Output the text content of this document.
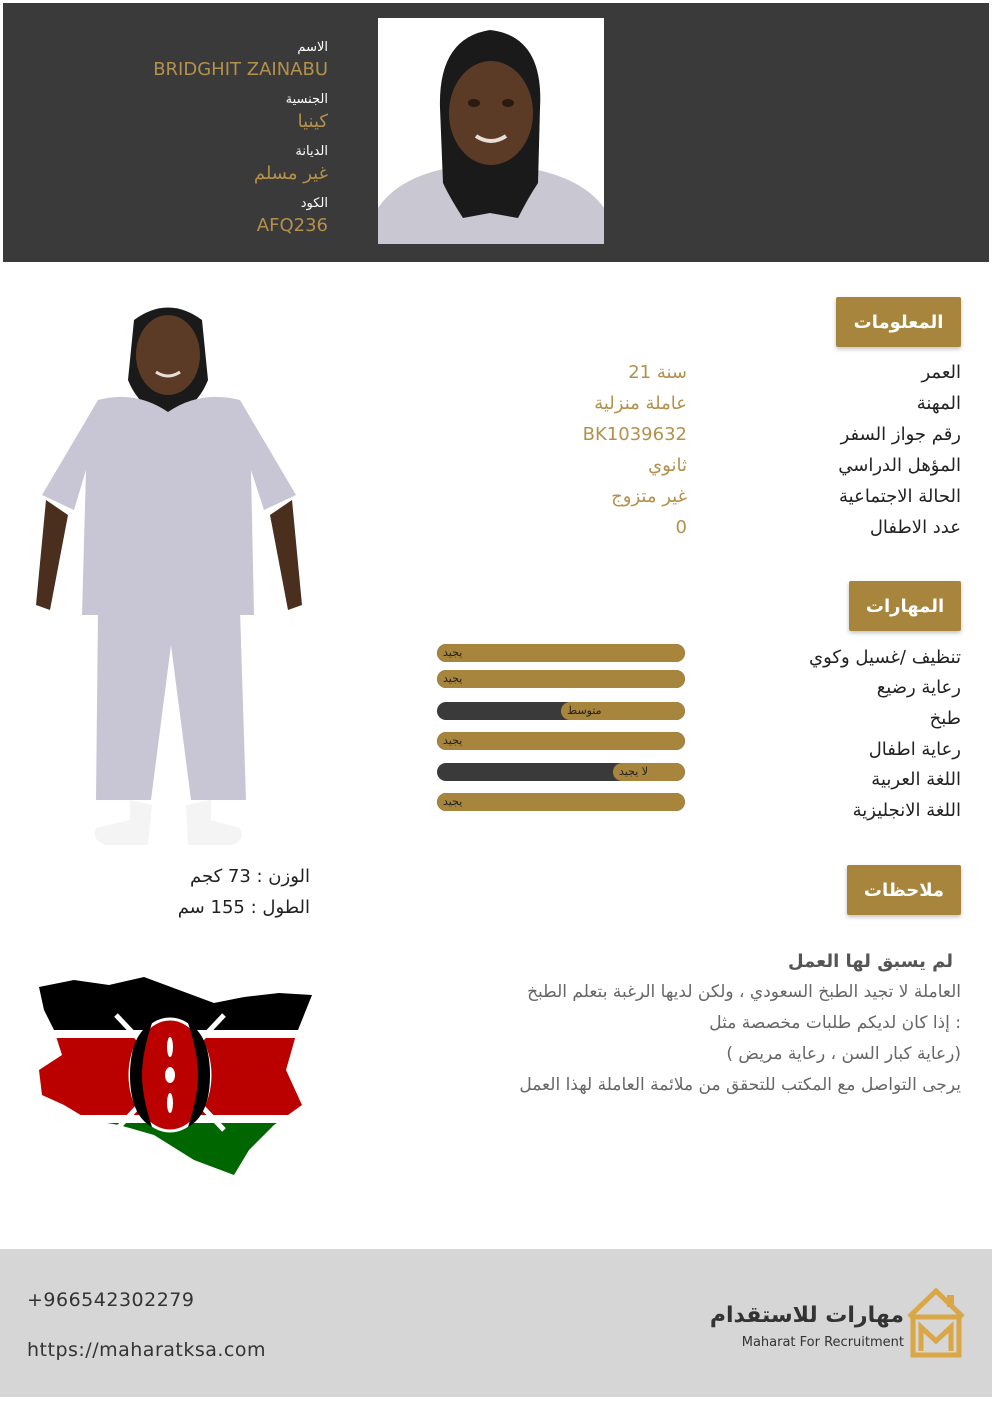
الاسم
BRIDGHIT ZAINABU
الجنسية
كينيا
الديانة
غير مسلم
الكود
AFQ236
المعلومات
العمر
21 سنة
المهنة
عاملة منزلية
رقم جواز السفر
BK1039632
المؤهل الدراسي
ثانوي
الحالة الاجتماعية
غير متزوج
عدد الاطفال
0
المهارات
تنظيف /غسيل وكوي
رعاية رضيع
طبخ
رعاية اطفال
اللغة العربية
اللغة الانجليزية
يجيد
يجيد
متوسط
يجيد
لا يجيد
يجيد
ملاحظات
لم يسبق لها العمل
العاملة لا تجيد الطبخ السعودي ، ولكن لديها الرغبة بتعلم الطبخ
إذا كان لديكم طلبات مخصصة مثل :
( رعاية كبار السن ، رعاية مريض)
يرجى التواصل مع المكتب للتحقق من ملائمة العاملة لهذا العمل
الوزن : 73 كجم
الطول : 155 سم
+966542302279
https://maharatksa.com
مهارات للاستقدام
Maharat For Recruitment
